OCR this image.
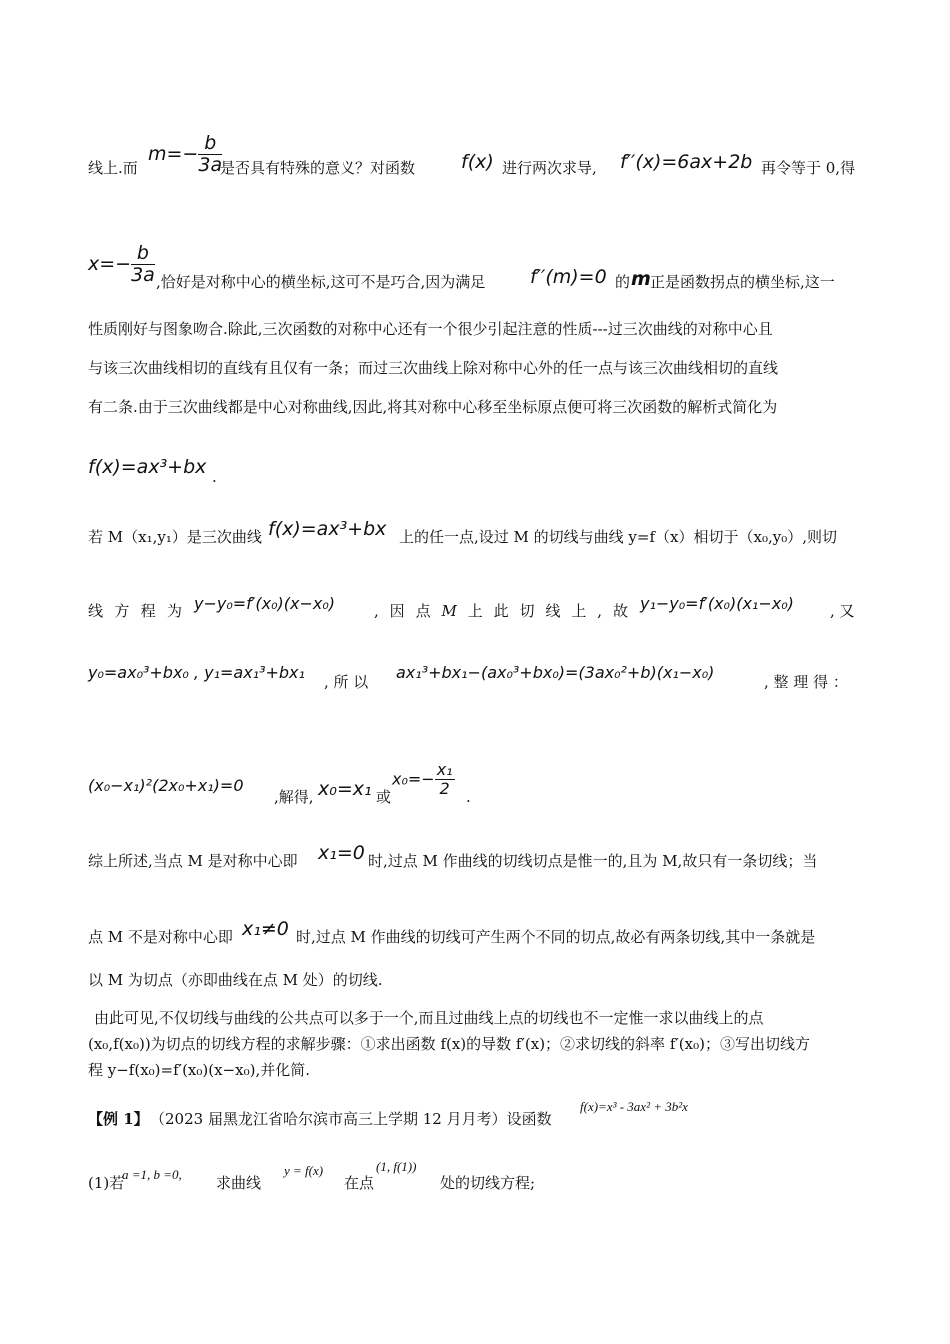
线上.而
$m=- \frac{b}{3a}$
是否具有特殊的意义？对函数 f(x) 进行两次求导, f′′(x)=6ax+2b 再令等于 0,得
$x=- \frac{b}{3a}$ ,恰好是对称中心的横坐标,这可不是巧合,因为满足 f′′(m)=0 的 m 正是函数拐点的横坐标,这一
性质刚好与图象吻合.除此,三次函数的对称中心还有一个很少引起注意的性质---过三次曲线的对称中心且
与该三次曲线相切的直线有且仅有一条；而过三次曲线上除对称中心外的任一点与该三次曲线相切的直线
有二条.由于三次曲线都是中心对称曲线,因此,将其对称中心移至坐标原点便可将三次函数的解析式简化为
f(x)=ax³+bx .
若 M（x₁,y₁）是三次曲线 f(x)=ax³+bx 上的任一点,设过 M 的切线与曲线 y=f（x）相切于（x₀,y₀）,则切
线 方 程 为 y−y₀=f′(x₀)(x−x₀)	, 因 点 M 上 此 切 线 上 , 故 y₁−y₀=f′(x₀)(x₁−x₀) , 又
y₀=ax₀³+bx₀ , y₁=ax₁³+bx₁ , 所 以 ax₁³+bx₁−(ax₀³+bx₀)=(3ax₀²+b)(x₁−x₀)	, 整 理 得 ：
(x₀−x₁)²(2x₀+x₁)=0
,解得, x₀=x₁ 或
$x_0=- \frac{\text{x₁}}{2}$ .
综上所述,当点 M 是对称中心即 x₁=0 时,过点 M 作曲线的切线切点是惟一的,且为 M,故只有一条切线；当
点 M 不是对称中心即 x₁≠0 时,过点 M 作曲线的切线可产生两个不同的切点,故必有两条切线,其中一条就是
以 M 为切点（亦即曲线在点 M 处）的切线.
由此可见,不仅切线与曲线的公共点可以多于一个,而且过曲线上点的切线也不一定惟一求以曲线上的点
(x₀,f(x₀))为切点的切线方程的求解步骤：①求出函数 f(x)的导数 f′(x)；②求切线的斜率 f′(x₀)；③写出切线方
程 y−f(x₀)=f′(x₀)(x−x₀),并化简.
【例 1】 （2023 届黑龙江省哈尔滨市高三上学期 12 月月考）设函数
f(x)=x³ - 3ax² + 3b²x
(1)若
a =1, b =0, 求曲线
y = f(x)
在点
(1, f(1))
处的切线方程;
